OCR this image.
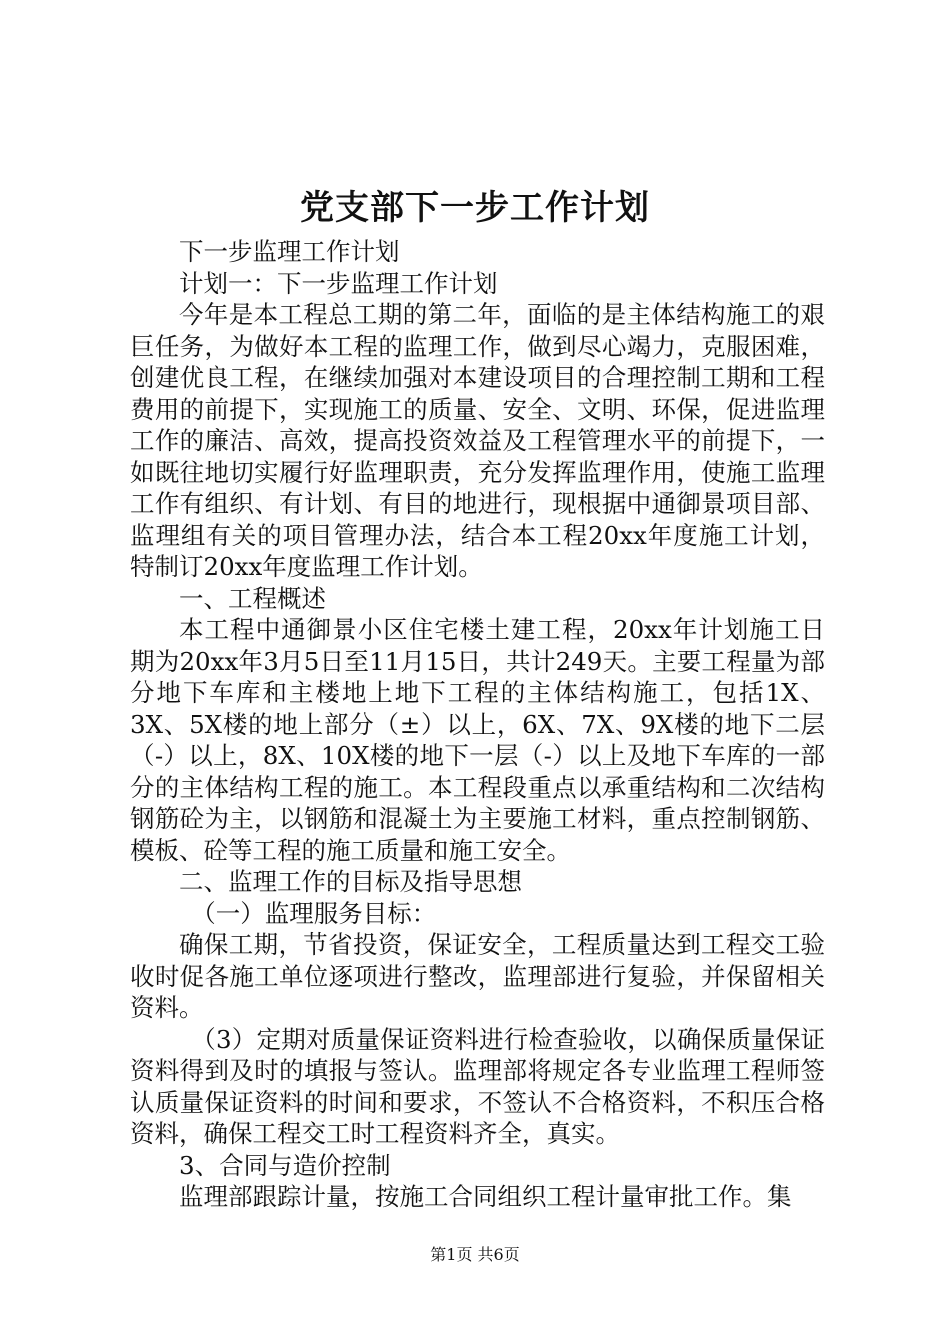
党支部下一步工作计划

下一步监理工作计划

计划一：下一步监理工作计划

今年是本工程总工期的第二年，面临的是主体结构施工的艰巨任务，为做好本工程的监理工作，做到尽心竭力，克服困难，创建优良工程，在继续加强对本建设项目的合理控制工期和工程费用的前提下，实现施工的质量、安全、文明、环保，促进监理工作的廉洁、高效，提高投资效益及工程管理水平的前提下，一如既往地切实履行好监理职责，充分发挥监理作用，使施工监理工作有组织、有计划、有目的地进行，现根据中通御景项目部、监理组有关的项目管理办法，结合本工程20xx年度施工计划，特制订20xx年度监理工作计划。

一、工程概述

本工程中通御景小区住宅楼土建工程，20xx年计划施工日期为20xx年3月5日至11月15日，共计249天。主要工程量为部分地下车库和主楼地上地下工程的主体结构施工，包括1X、3X、5X楼的地上部分（±）以上，6X、7X、9X楼的地下二层（-）以上，8X、10X楼的地下一层（-）以上及地下车库的一部分的主体结构工程的施工。本工程段重点以承重结构和二次结构钢筋砼为主，以钢筋和混凝土为主要施工材料，重点控制钢筋、模板、砼等工程的施工质量和施工安全。

二、监理工作的目标及指导思想

（一）监理服务目标：

确保工期，节省投资，保证安全，工程质量达到工程交工验收时促各施工单位逐项进行整改，监理部进行复验，并保留相关资料。

（3）定期对质量保证资料进行检查验收，以确保质量保证资料得到及时的填报与签认。监理部将规定各专业监理工程师签认质量保证资料的时间和要求，不签认不合格资料，不积压合格资料，确保工程交工时工程资料齐全，真实。

3、合同与造价控制

监理部跟踪计量，按施工合同组织工程计量审批工作。集

第1页 共6页
